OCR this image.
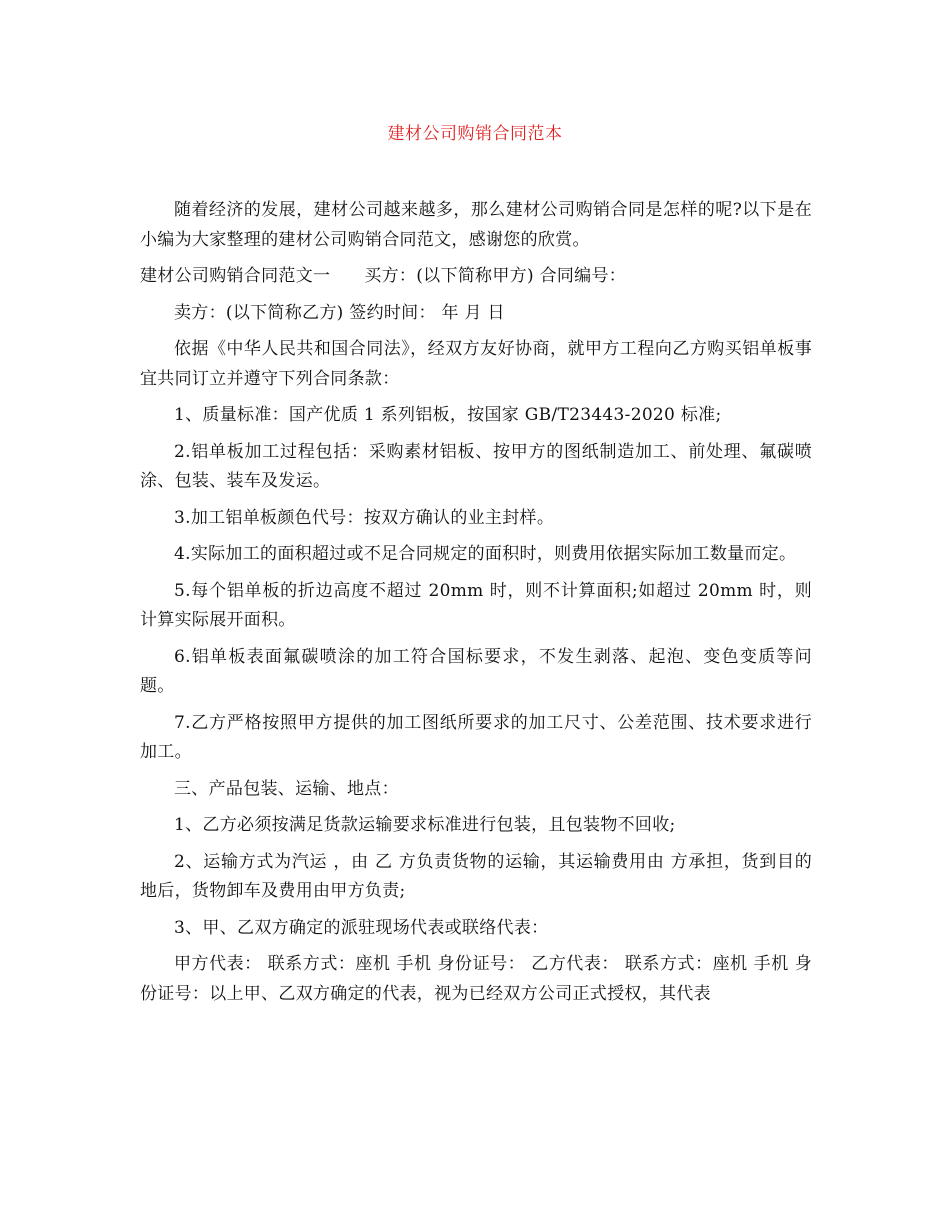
建材公司购销合同范本

随着经济的发展，建材公司越来越多，那么建材公司购销合同是怎样的呢?以下是在小编为大家整理的建材公司购销合同范文，感谢您的欣赏。

建材公司购销合同范文一 买方：(以下简称甲方) 合同编号：

卖方：(以下简称乙方) 签约时间： 年 月 日

依据《中华人民共和国合同法》，经双方友好协商，就甲方工程向乙方购买铝单板事宜共同订立并遵守下列合同条款：

1、质量标准：国产优质 1 系列铝板，按国家 GB/T23443-2020 标准;

2.铝单板加工过程包括：采购素材铝板、按甲方的图纸制造加工、前处理、氟碳喷涂、包装、装车及发运。

3.加工铝单板颜色代号：按双方确认的业主封样。

4.实际加工的面积超过或不足合同规定的面积时，则费用依据实际加工数量而定。

5.每个铝单板的折边高度不超过 20mm 时，则不计算面积;如超过 20mm 时，则计算实际展开面积。

6.铝单板表面氟碳喷涂的加工符合国标要求，不发生剥落、起泡、变色变质等问题。

7.乙方严格按照甲方提供的加工图纸所要求的加工尺寸、公差范围、技术要求进行加工。

三、产品包装、运输、地点：

1、乙方必须按满足货款运输要求标准进行包装，且包装物不回收;

2、运输方式为汽运 ，由 乙 方负责货物的运输，其运输费用由 方承担，货到目的地后，货物卸车及费用由甲方负责;

3、甲、乙双方确定的派驻现场代表或联络代表：

甲方代表： 联系方式：座机 手机 身份证号： 乙方代表： 联系方式：座机 手机 身份证号：以上甲、乙双方确定的代表，视为已经双方公司正式授权，其代表
